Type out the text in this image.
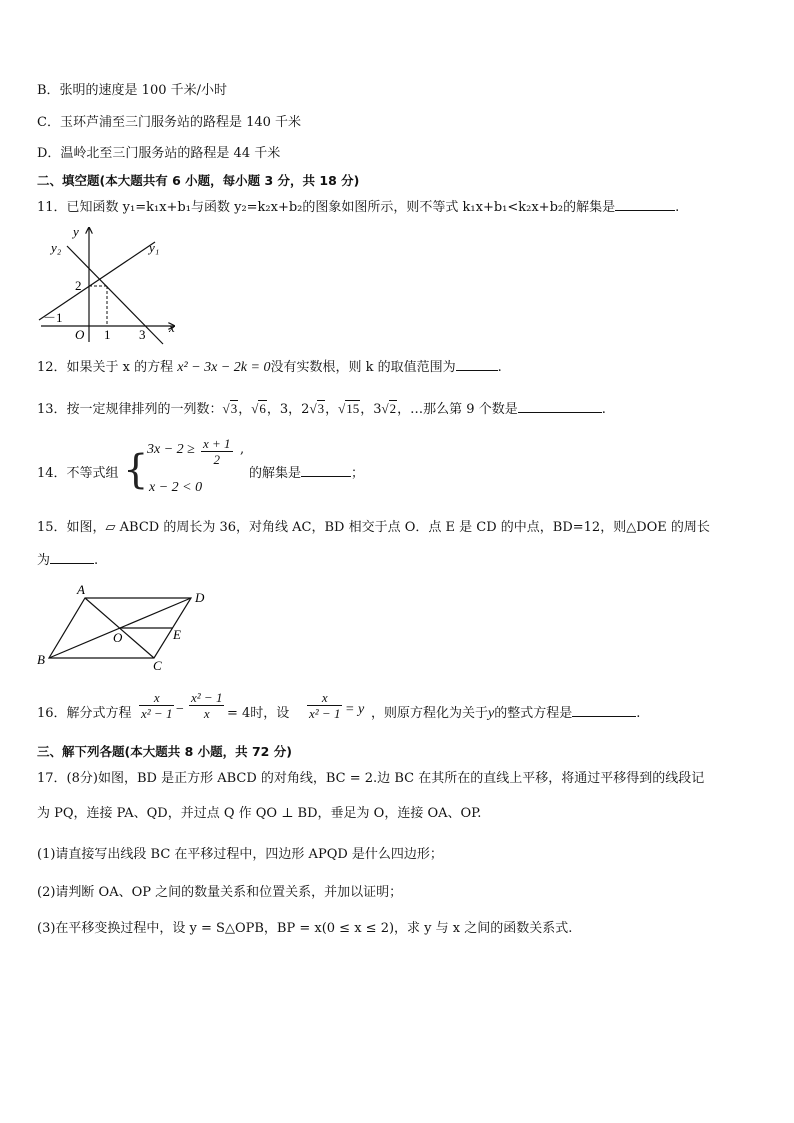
B．张明的速度是 100 千米/小时
C．玉环芦浦至三门服务站的路程是 140 千米
D．温岭北至三门服务站的路程是 44 千米
二、填空题(本大题共有 6 小题，每小题 3 分，共 18 分)
11．已知函数 y₁=k₁x+b₁与函数 y₂=k₂x+b₂的图象如图所示，则不等式 k₁x+b₁<k₂x+b₂的解集是	.
y
y₂	y₁
2
－1
O 1 3 x
12．如果关于 x 的方程 x² − 3x − 2k = 0没有实数根，则 k 的取值范围为	.
13．按一定规律排列的一列数：√3，√6，3，2√3，√15，3√2，…那么第 9 个数是	.
14．不等式组 {
$3x - 2 \ge \frac{x + 1}{2}$ ,
x − 2 < 0
的解集是	；
15．如图，▱ ABCD 的周长为 36，对角线 AC，BD 相交于点 O．点 E 是 CD 的中点，BD=12，则△DOE 的周长
为	.
A
D
O	E
B	C
16．解分式方程 $\frac{x}{\text{x² − 1}} - \frac{\text{x² − 1}}{x} = 4$时，设 $\frac{x}{\text{x² − 1}} = y$ ，则原方程化为关于y的整式方程是	.
三、解下列各题(本大题共 8 小题，共 72 分)
17．(8分)如图，BD 是正方形 ABCD 的对角线，BC = 2.边 BC 在其所在的直线上平移，将通过平移得到的线段记
为 PQ，连接 PA、QD，并过点 Q 作 QO ⊥ BD，垂足为 O，连接 OA、OP.
(1)请直接写出线段 BC 在平移过程中，四边形 APQD 是什么四边形；
(2)请判断 OA、OP 之间的数量关系和位置关系，并加以证明；
(3)在平移变换过程中，设 y = S△OPB，BP = x(0 ≤ x ≤ 2)，求 y 与 x 之间的函数关系式.
